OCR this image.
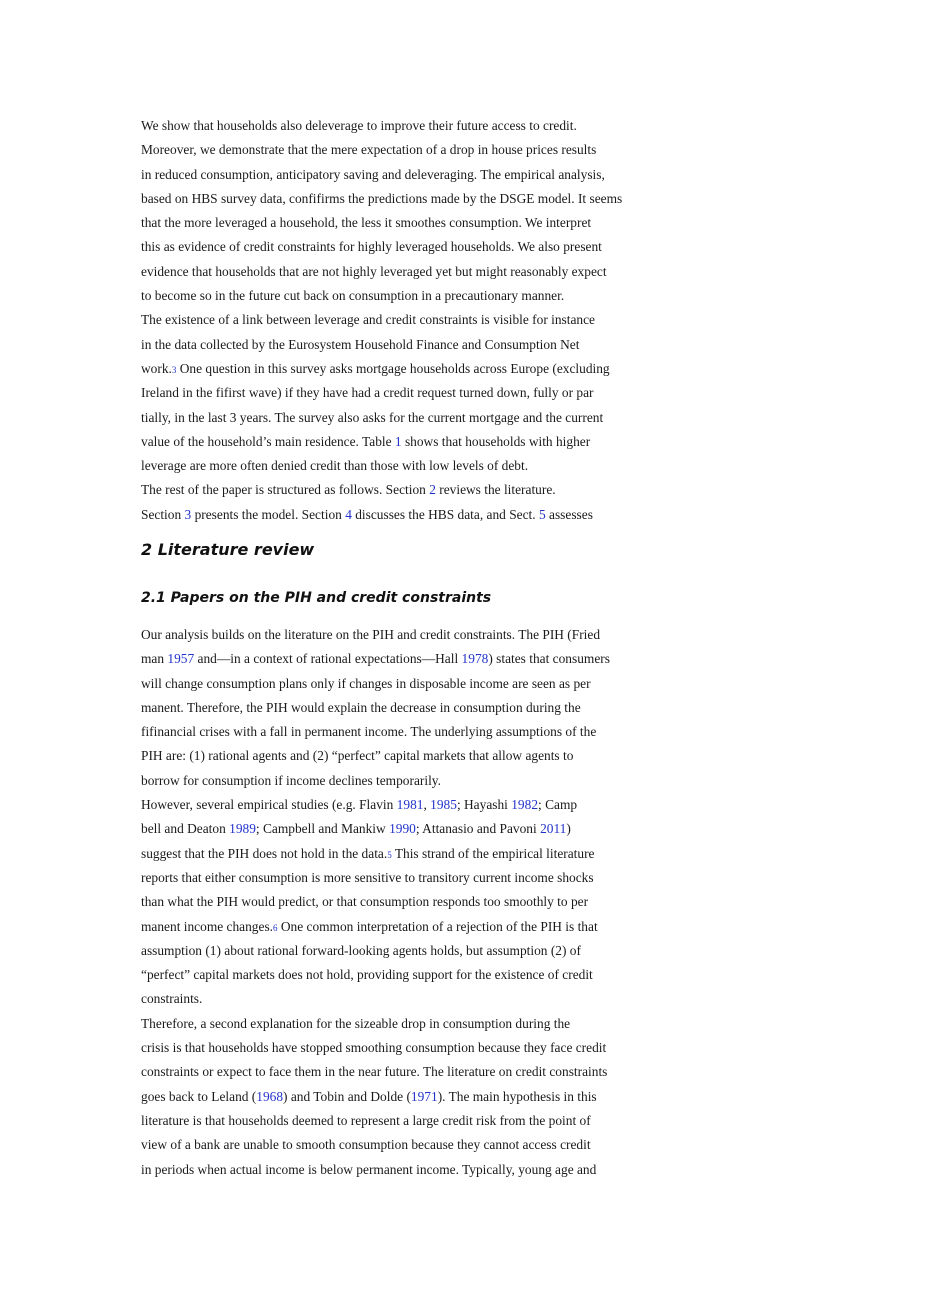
We show that households also deleverage to improve their future access to credit.
Moreover, we demonstrate that the mere expectation of a drop in house prices results
in reduced consumption, anticipatory saving and deleveraging. The empirical analysis,
based on HBS survey data, confifirms the predictions made by the DSGE model. It seems
that the more leveraged a household, the less it smoothes consumption. We interpret
this as evidence of credit constraints for highly leveraged households. We also present
evidence that households that are not highly leveraged yet but might reasonably expect
to become so in the future cut back on consumption in a precautionary manner.
The existence of a link between leverage and credit constraints is visible for instance
in the data collected by the Eurosystem Household Finance and Consumption Net
work.3 One question in this survey asks mortgage households across Europe (excluding
Ireland in the fifirst wave) if they have had a credit request turned down, fully or par
tially, in the last 3 years. The survey also asks for the current mortgage and the current
value of the household’s main residence. Table 1 shows that households with higher
leverage are more often denied credit than those with low levels of debt.
The rest of the paper is structured as follows. Section 2 reviews the literature.
Section 3 presents the model. Section 4 discusses the HBS data, and Sect. 5 assesses
2 Literature review
2.1 Papers on the PIH and credit constraints
Our analysis builds on the literature on the PIH and credit constraints. The PIH (Fried
man 1957 and—in a context of rational expectations—Hall 1978) states that consumers
will change consumption plans only if changes in disposable income are seen as per
manent. Therefore, the PIH would explain the decrease in consumption during the
fifinancial crises with a fall in permanent income. The underlying assumptions of the
PIH are: (1) rational agents and (2) “perfect” capital markets that allow agents to
borrow for consumption if income declines temporarily.
However, several empirical studies (e.g. Flavin 1981, 1985; Hayashi 1982; Camp
bell and Deaton 1989; Campbell and Mankiw 1990; Attanasio and Pavoni 2011)
suggest that the PIH does not hold in the data.5 This strand of the empirical literature
reports that either consumption is more sensitive to transitory current income shocks
than what the PIH would predict, or that consumption responds too smoothly to per
manent income changes.6 One common interpretation of a rejection of the PIH is that
assumption (1) about rational forward-looking agents holds, but assumption (2) of
“perfect” capital markets does not hold, providing support for the existence of credit
constraints.
Therefore, a second explanation for the sizeable drop in consumption during the
crisis is that households have stopped smoothing consumption because they face credit
constraints or expect to face them in the near future. The literature on credit constraints
goes back to Leland (1968) and Tobin and Dolde (1971). The main hypothesis in this
literature is that households deemed to represent a large credit risk from the point of
view of a bank are unable to smooth consumption because they cannot access credit
in periods when actual income is below permanent income. Typically, young age and
